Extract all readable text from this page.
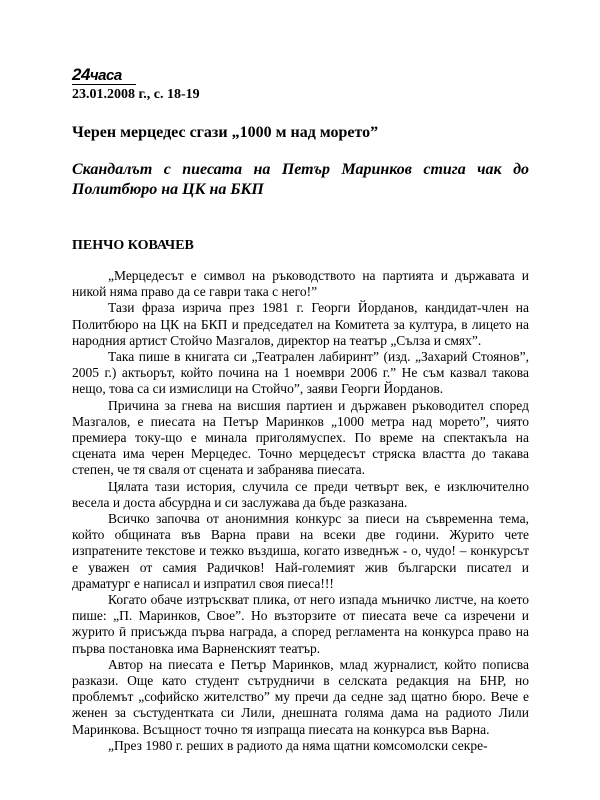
24часа
23.01.2008 г., с. 18-19
Черен мерцедес сгази „1000 м над морето”
Скандалът с пиесата на Петър Маринков стига чак до Политбюро на ЦК на БКП
ПЕНЧО КОВАЧЕВ

„Мерцедесът е символ на ръководството на партията и държавата и никой няма право да се гаври така с него!”

Тази фраза изрича през 1981 г. Георги Йорданов, кандидат-член на Политбюро на ЦК на БКП и председател на Комитета за култура, в лицето на народния артист Стойчо Мазгалов, директор на театър „Сълза и смях”.

Така пише в книгата си „Театрален лабиринт” (изд. „Захарий Стоянов”, 2005 г.) актьорът, който почина на 1 ноември 2006 г.” Не съм казвал такова нещо, това са си измислици на Стойчо”, заяви Георги Йорданов.

Причина за гнева на висшия партиен и държавен ръководител според Мазгалов, е пиесата на Петър Маринков „1000 метра над морето”, чиято премиера току-що е минала приголямуспех. По време на спектакъла на сцената има черен Мерцедес. Точно мерцедесът стряска властта до такава степен, че тя сваля от сцената и забранява пиесата.

Цялата тази история, случила се преди четвърт век, е изключително весела и доста абсурдна и си заслужава да бъде разказана.

Всичко започва от анонимния конкурс за пиеси на съвременна тема, който общината във Варна прави на всеки две години. Журито чете изпратените текстове и тежко въздиша, когато изведнъж - о, чудо! – конкурсът е уважен от самия Радичков! Най-големият жив български писател и драматург е написал и изпратил своя пиеса!!!

Когато обаче изтръскват плика, от него изпада мъничко листче, на което пише: „П. Маринков, Свое”. Но възторзите от пиесата вече са изречени и журито ӣ присъжда първа награда, а според регламента на конкурса право на първа постановка има Варненският театър.

Автор на пиесата е Петър Маринков, млад журналист, който пописва разкази. Още като студент сътрудничи в селската редакция на БНР, но проблемът „софийско жителство” му пречи да седне зад щатно бюро. Вече е женен за състудентката си Лили, днешната голяма дама на радиото Лили Маринкова. Всъщност точно тя изпраща пиесата на конкурса във Варна.

„През 1980 г. реших в радиото да няма щатни комсомолски секре-
